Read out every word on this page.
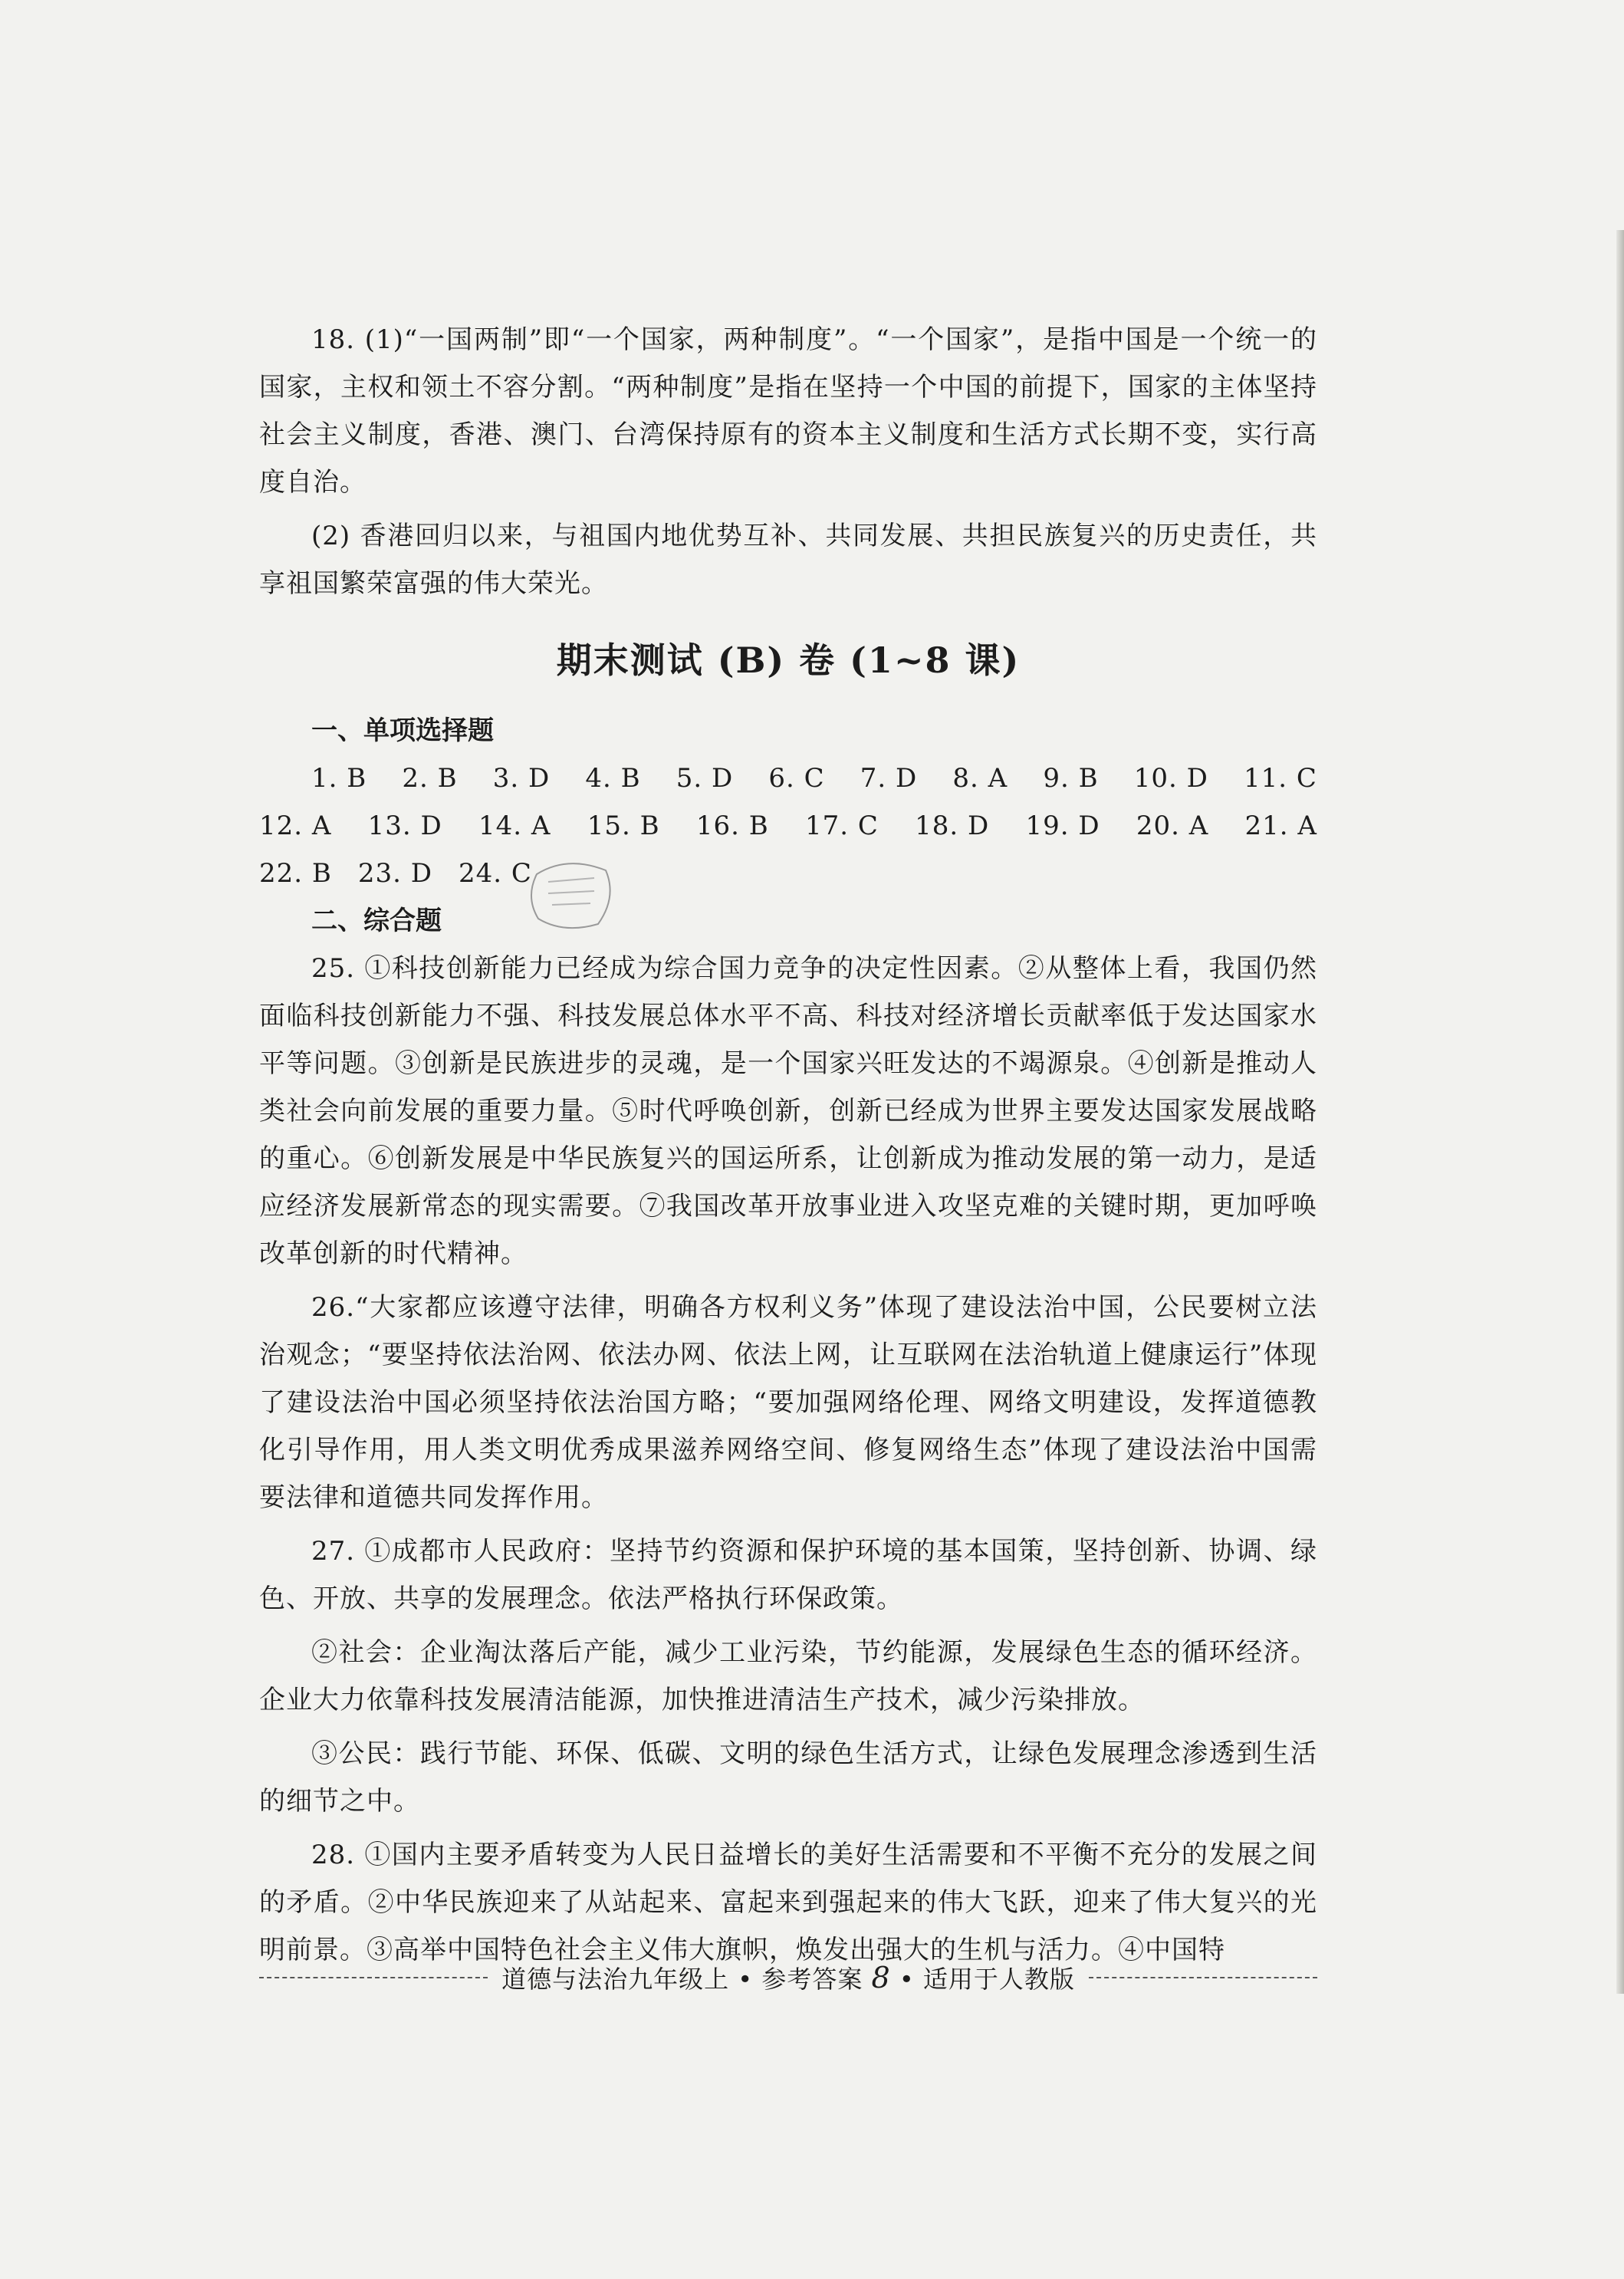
18. (1)“一国两制”即“一个国家，两种制度”。“一个国家”，是指中国是一个统一的国家，主权和领土不容分割。“两种制度”是指在坚持一个中国的前提下，国家的主体坚持社会主义制度，香港、澳门、台湾保持原有的资本主义制度和生活方式长期不变，实行高度自治。

(2) 香港回归以来，与祖国内地优势互补、共同发展、共担民族复兴的历史责任，共享祖国繁荣富强的伟大荣光。

期末测试 (B) 卷 (1~8 课)
一、单项选择题
1. B 2. B 3. D 4. B 5. D 6. C 7. D 8. A 9. B 10. D 11. C
12. A 13. D 14. A 15. B 16. B 17. C 18. D 19. D 20. A 21. A
22. B 23. D 24. C
二、综合题

25. ①科技创新能力已经成为综合国力竞争的决定性因素。②从整体上看，我国仍然面临科技创新能力不强、科技发展总体水平不高、科技对经济增长贡献率低于发达国家水平等问题。③创新是民族进步的灵魂，是一个国家兴旺发达的不竭源泉。④创新是推动人类社会向前发展的重要力量。⑤时代呼唤创新，创新已经成为世界主要发达国家发展战略的重心。⑥创新发展是中华民族复兴的国运所系，让创新成为推动发展的第一动力，是适应经济发展新常态的现实需要。⑦我国改革开放事业进入攻坚克难的关键时期，更加呼唤改革创新的时代精神。

26.“大家都应该遵守法律，明确各方权利义务”体现了建设法治中国，公民要树立法治观念；“要坚持依法治网、依法办网、依法上网，让互联网在法治轨道上健康运行”体现了建设法治中国必须坚持依法治国方略；“要加强网络伦理、网络文明建设，发挥道德教化引导作用，用人类文明优秀成果滋养网络空间、修复网络生态”体现了建设法治中国需要法律和道德共同发挥作用。

27. ①成都市人民政府：坚持节约资源和保护环境的基本国策，坚持创新、协调、绿色、开放、共享的发展理念。依法严格执行环保政策。

②社会：企业淘汰落后产能，减少工业污染，节约能源，发展绿色生态的循环经济。企业大力依靠科技发展清洁能源，加快推进清洁生产技术，减少污染排放。

③公民：践行节能、环保、低碳、文明的绿色生活方式，让绿色发展理念渗透到生活的细节之中。

28. ①国内主要矛盾转变为人民日益增长的美好生活需要和不平衡不充分的发展之间的矛盾。②中华民族迎来了从站起来、富起来到强起来的伟大飞跃，迎来了伟大复兴的光明前景。③高举中国特色社会主义伟大旗帜，焕发出强大的生机与活力。④中国特

道德与法治九年级上 • 参考答案 8 • 适用于人教版
